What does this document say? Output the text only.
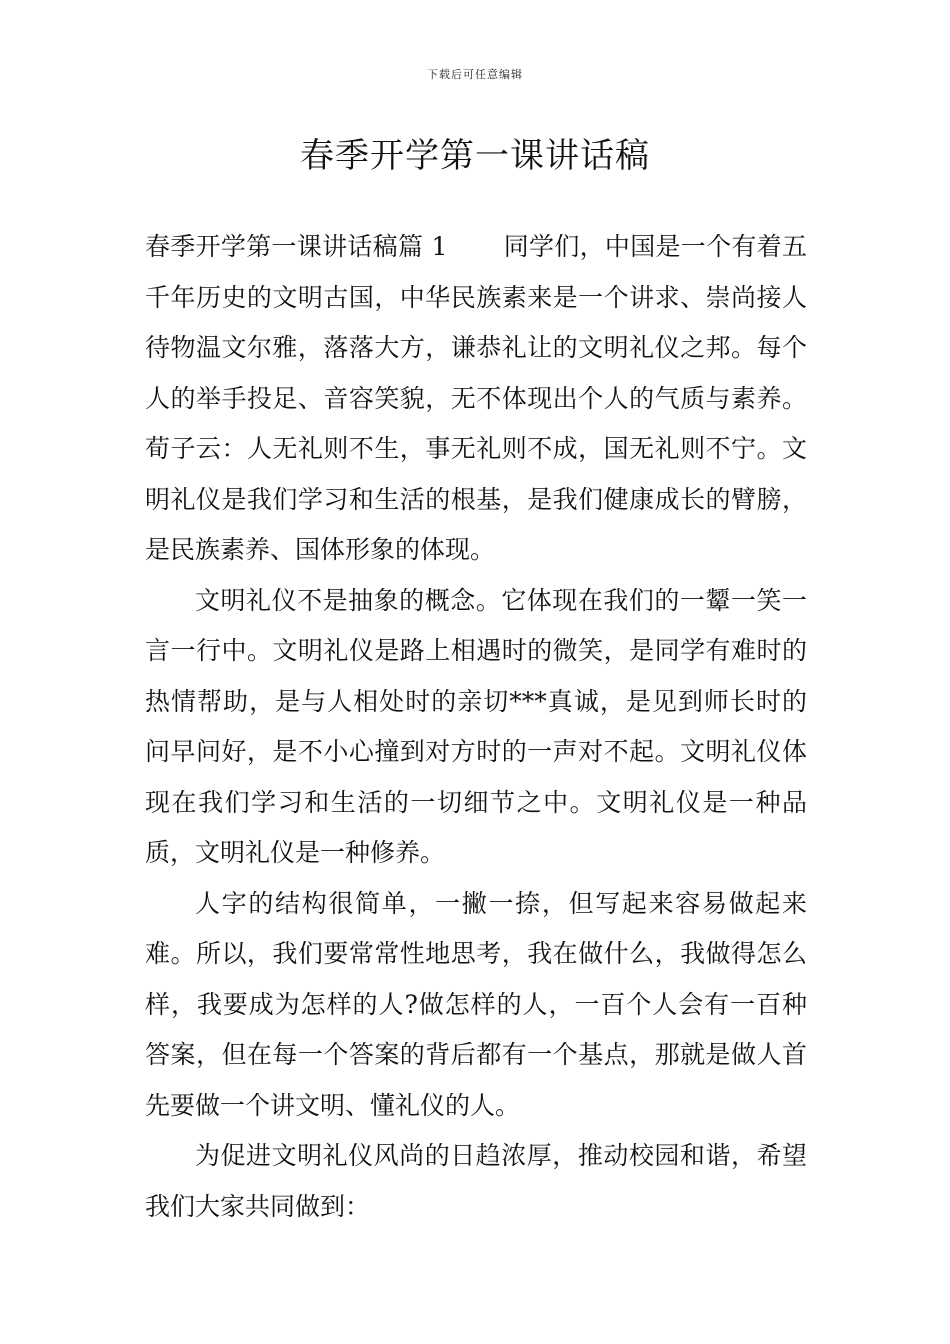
下载后可任意编辑
春季开学第一课讲话稿

春季开学第一课讲话稿篇 1 同学们，中国是一个有着五千年历史的文明古国，中华民族素来是一个讲求、崇尚接人待物温文尔雅，落落大方，谦恭礼让的文明礼仪之邦。每个人的举手投足、音容笑貌，无不体现出个人的气质与素养。荀子云：人无礼则不生，事无礼则不成，国无礼则不宁。文明礼仪是我们学习和生活的根基，是我们健康成长的臂膀，是民族素养、国体形象的体现。

文明礼仪不是抽象的概念。它体现在我们的一颦一笑一言一行中。文明礼仪是路上相遇时的微笑，是同学有难时的热情帮助，是与人相处时的亲切***真诚，是见到师长时的问早问好，是不小心撞到对方时的一声对不起。文明礼仪体现在我们学习和生活的一切细节之中。文明礼仪是一种品质，文明礼仪是一种修养。

人字的结构很简单，一撇一捺，但写起来容易做起来难。所以，我们要常常性地思考，我在做什么，我做得怎么样，我要成为怎样的人?做怎样的人，一百个人会有一百种答案，但在每一个答案的背后都有一个基点，那就是做人首先要做一个讲文明、懂礼仪的人。

为促进文明礼仪风尚的日趋浓厚，推动校园和谐，希望我们大家共同做到：
